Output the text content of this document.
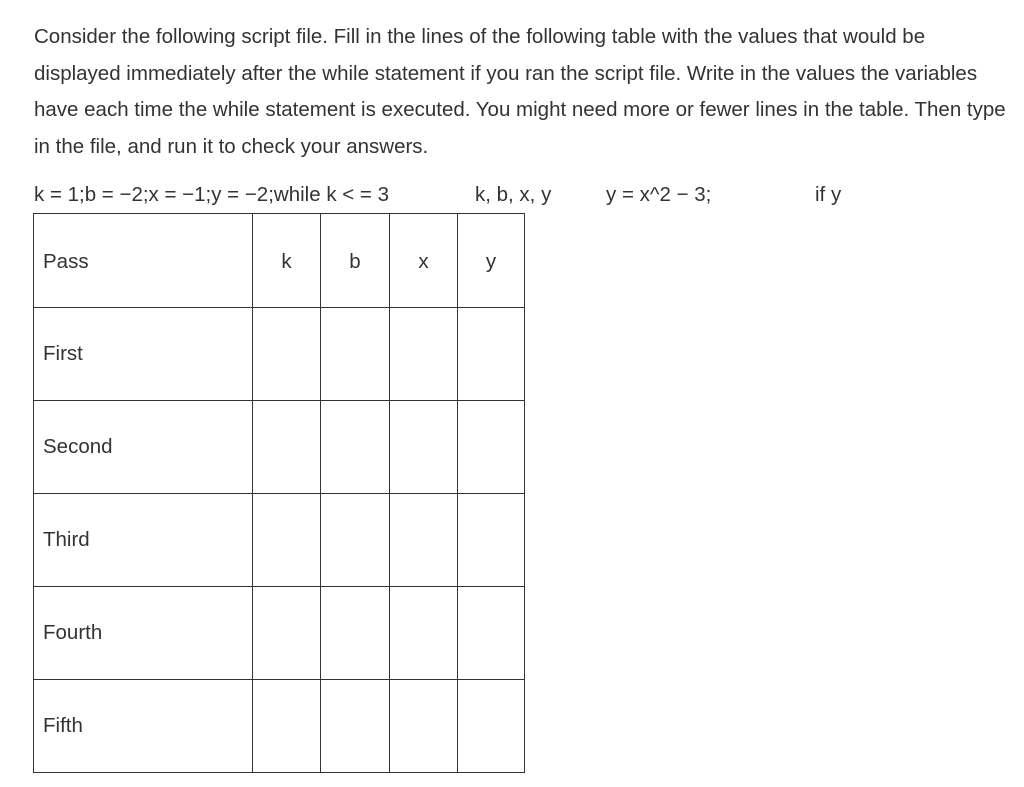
Consider the following script file. Fill in the lines of the following table with the values that would be displayed immediately after the while statement if you ran the script file. Write in the values the variables have each time the while statement is executed. You might need more or fewer lines in the table. Then type in the file, and run it to check your answers.

k = 1;b = −2;x = −1;y = −2;while k < = 3	k, b, x, y	y = x^2 − 3;	if y
Pass	k	b	x	y
First				
Second				
Third				
Fourth				
Fifth				
